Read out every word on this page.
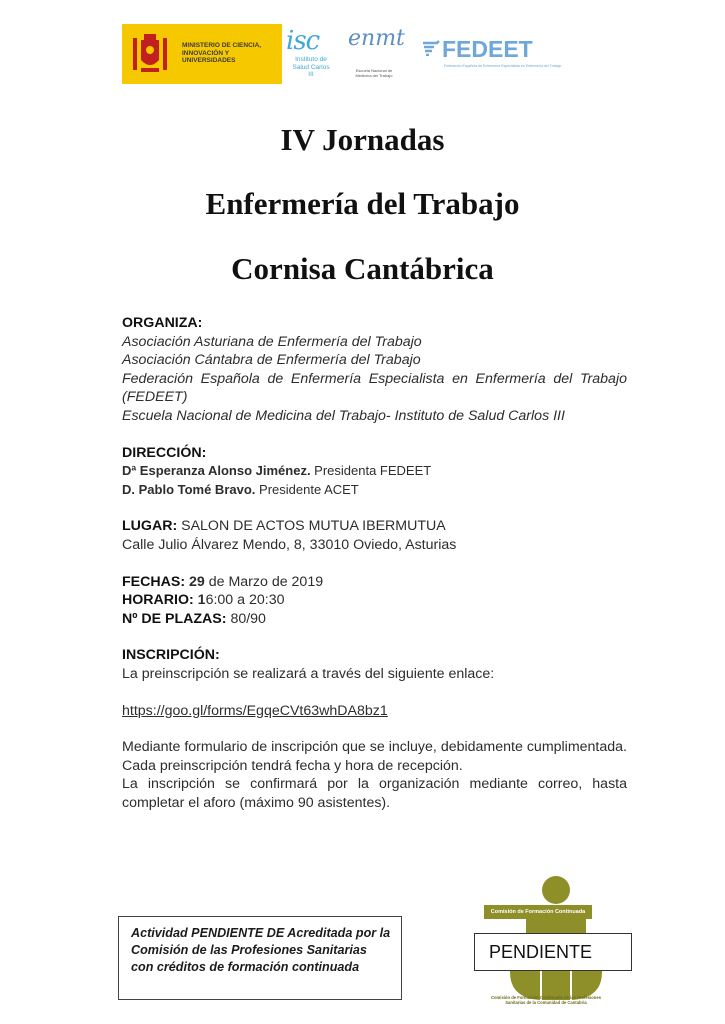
MINISTERIO DE CIENCIA, INNOVACIÓN Y UNIVERSIDADES
isc
Instituto de Salud Carlos III
enmt
Escuela Nacional de Medicina del Trabajo
FEDEET
Federación Española de Enfermería Especialista en Enfermería del Trabajo
IV Jornadas
Enfermería del Trabajo
Cornisa Cantábrica

ORGANIZA:

Asociación Asturiana de Enfermería del Trabajo

Asociación Cántabra de Enfermería del Trabajo

Federación Española de Enfermería Especialista en Enfermería del Trabajo (FEDEET)

Escuela Nacional de Medicina del Trabajo- Instituto de Salud Carlos III

DIRECCIÓN:

Dª Esperanza Alonso Jiménez. Presidenta FEDEET

D. Pablo Tomé Bravo. Presidente ACET

LUGAR: SALON DE ACTOS MUTUA IBERMUTUA

Calle Julio Álvarez Mendo, 8, 33010 Oviedo, Asturias

FECHAS: 29 de Marzo de 2019

HORARIO: 16:00 a 20:30

Nº DE PLAZAS: 80/90

INSCRIPCIÓN:

La preinscripción se realizará a través del siguiente enlace:

https://goo.gl/forms/EgqeCVt63whDA8bz1

Mediante formulario de inscripción que se incluye, debidamente cumplimentada. Cada preinscripción tendrá fecha y hora de recepción.

La inscripción se confirmará por la organización mediante correo, hasta completar el aforo (máximo 90 asistentes).

Actividad PENDIENTE DE Acreditada por la Comisión de las Profesiones Sanitarias con créditos de formación continuada
Comisión de Formación Continuada
PENDIENTE
Comisión de Formación Continuada de las Profesiones Sanitarias de la Comunidad de Cantabria
